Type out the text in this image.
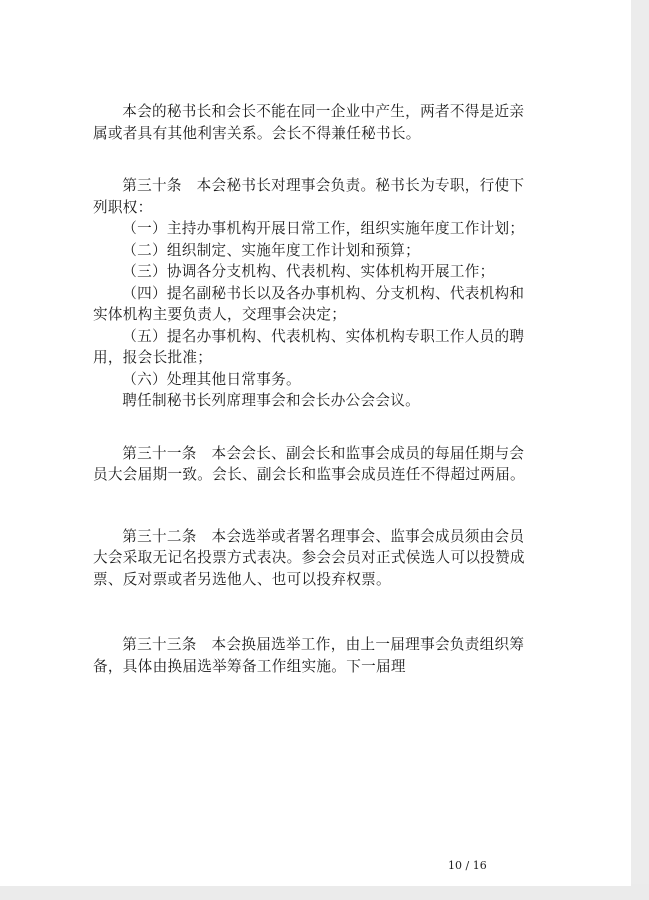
本会的秘书长和会长不能在同一企业中产生，两者不得是近亲属或者具有其他利害关系。会长不得兼任秘书长。

第三十条　本会秘书长对理事会负责。秘书长为专职，行使下列职权：

（一）主持办事机构开展日常工作，组织实施年度工作计划；

（二）组织制定、实施年度工作计划和预算；

（三）协调各分支机构、代表机构、实体机构开展工作；

（四）提名副秘书长以及各办事机构、分支机构、代表机构和实体机构主要负责人，交理事会决定；

（五）提名办事机构、代表机构、实体机构专职工作人员的聘用，报会长批准；

（六）处理其他日常事务。

聘任制秘书长列席理事会和会长办公会会议。

第三十一条　本会会长、副会长和监事会成员的每届任期与会员大会届期一致。会长、副会长和监事会成员连任不得超过两届。

第三十二条　本会选举或者署名理事会、监事会成员须由会员大会采取无记名投票方式表决。参会会员对正式侯选人可以投赞成票、反对票或者另选他人、也可以投弃权票。

第三十三条　本会换届选举工作，由上一届理事会负责组织筹备，具体由换届选举筹备工作组实施。下一届理

10 / 16
